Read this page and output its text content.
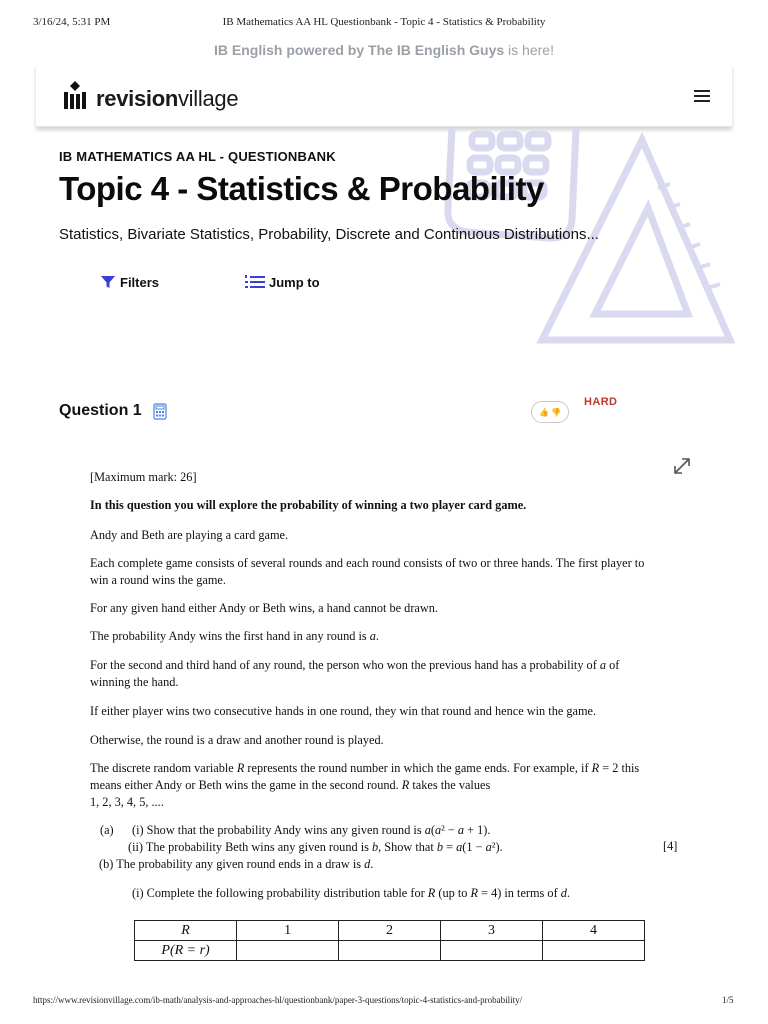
3/16/24, 5:31 PM	IB Mathematics AA HL Questionbank - Topic 4 - Statistics & Probability
IB English powered by The IB English Guys is here!
revisionvillage
IB MATHEMATICS AA HL - QUESTIONBANK
Topic 4 - Statistics & Probability
Statistics, Bivariate Statistics, Probability, Discrete and Continuous Distributions...
Filters	Jump to
Question 1	👍 👎
HARD
[Maximum mark: 26]
In this question you will explore the probability of winning a two player card game.
Andy and Beth are playing a card game.
Each complete game consists of several rounds and each round consists of two or three hands. The first player to win a round wins the game.
For any given hand either Andy or Beth wins, a hand cannot be drawn.
The probability Andy wins the first hand in any round is a.
For the second and third hand of any round, the person who won the previous hand has a probability of a of winning the hand.
If either player wins two consecutive hands in one round, they win that round and hence win the game.
Otherwise, the round is a draw and another round is played.
The discrete random variable R represents the round number in which the game ends. For example, if R = 2 this means either Andy or Beth wins the game in the second round. R takes the values
1, 2, 3, 4, 5, ....
(a)	(i) Show that the probability Andy wins any given round is a(a² − a + 1).
(ii) The probability Beth wins any given round is b, Show that b = a(1 − a²).	[4]
(b) The probability any given round ends in a draw is d.
(i) Complete the following probability distribution table for R (up to R = 4) in terms of d.
R	1	2	3	4
P(R = r)				
https://www.revisionvillage.com/ib-math/analysis-and-approaches-hl/questionbank/paper-3-questions/topic-4-statistics-and-probability/	1/5
